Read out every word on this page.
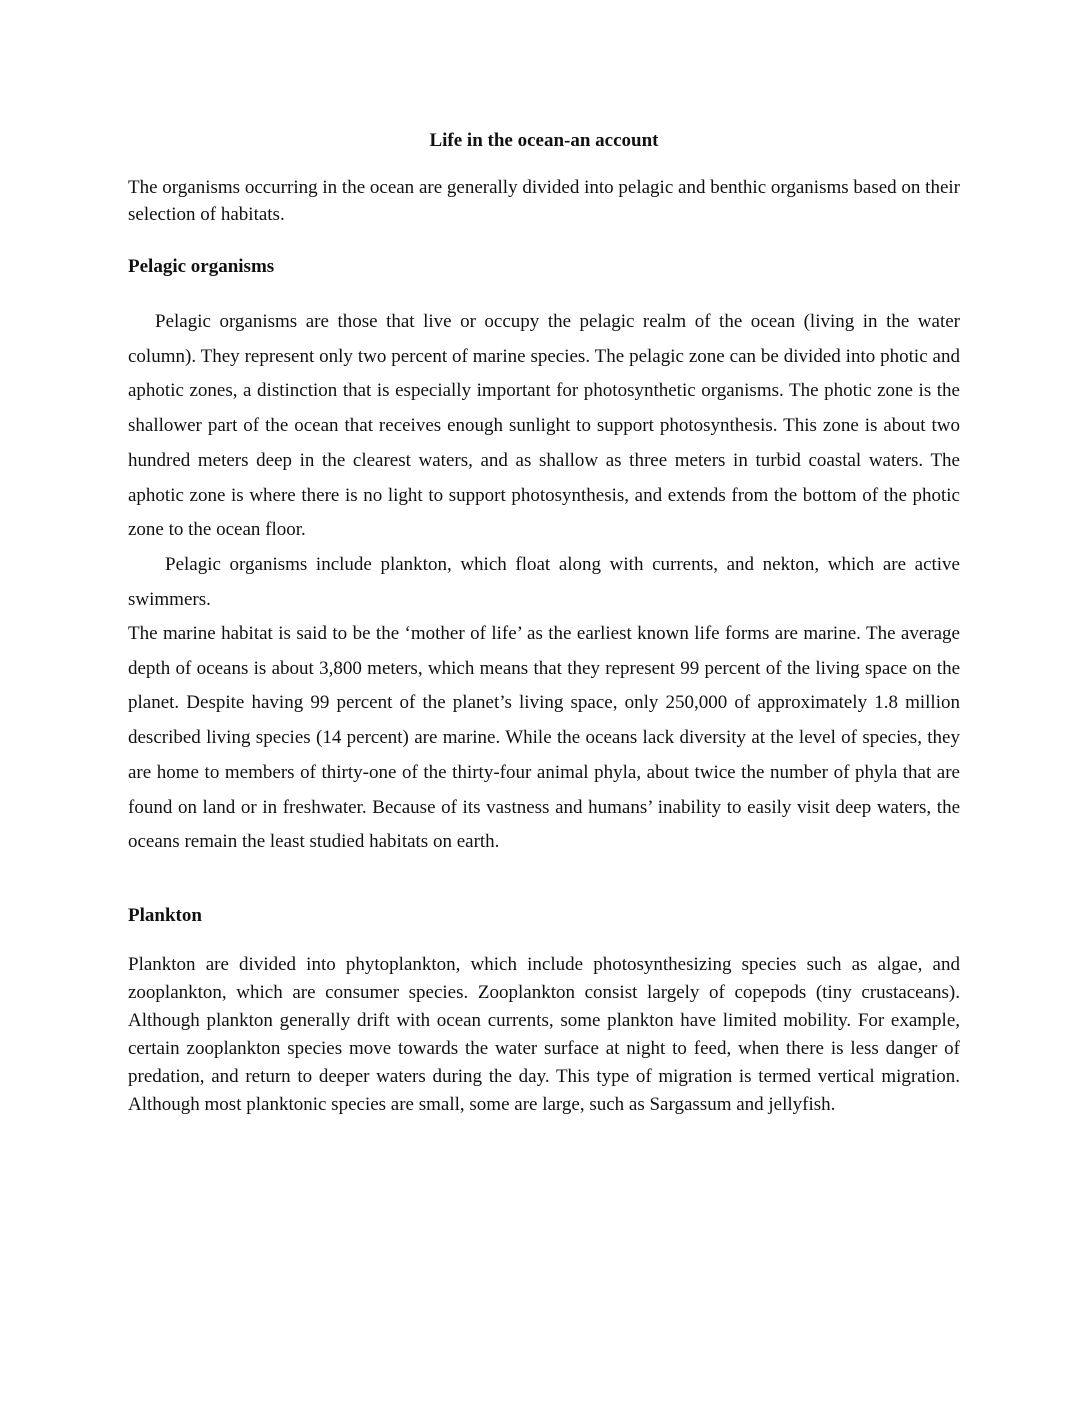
Life in the ocean-an account

The organisms occurring in the ocean are generally divided into pelagic and benthic organisms based on their selection of habitats.

Pelagic organisms

Pelagic organisms are those that live or occupy the pelagic realm of the ocean (living in the water column). They represent only two percent of marine species. The pelagic zone can be divided into photic and aphotic zones, a distinction that is especially important for photosynthetic organisms. The photic zone is the shallower part of the ocean that receives enough sunlight to support photosynthesis. This zone is about two hundred meters deep in the clearest waters, and as shallow as three meters in turbid coastal waters. The aphotic zone is where there is no light to support photosynthesis, and extends from the bottom of the photic zone to the ocean floor.

Pelagic organisms include plankton, which float along with currents, and nekton, which are active swimmers.

The marine habitat is said to be the ‘mother of life’ as the earliest known life forms are marine. The average depth of oceans is about 3,800 meters, which means that they represent 99 percent of the living space on the planet. Despite having 99 percent of the planet’s living space, only 250,000 of approximately 1.8 million described living species (14 percent) are marine. While the oceans lack diversity at the level of species, they are home to members of thirty-one of the thirty-four animal phyla, about twice the number of phyla that are found on land or in freshwater. Because of its vastness and humans’ inability to easily visit deep waters, the oceans remain the least studied habitats on earth.

Plankton

Plankton are divided into phytoplankton, which include photosynthesizing species such as algae, and zooplankton, which are consumer species. Zooplankton consist largely of copepods (tiny crustaceans). Although plankton generally drift with ocean currents, some plankton have limited mobility. For example, certain zooplankton species move towards the water surface at night to feed, when there is less danger of predation, and return to deeper waters during the day. This type of migration is termed vertical migration. Although most planktonic species are small, some are large, such as Sargassum and jellyfish.
